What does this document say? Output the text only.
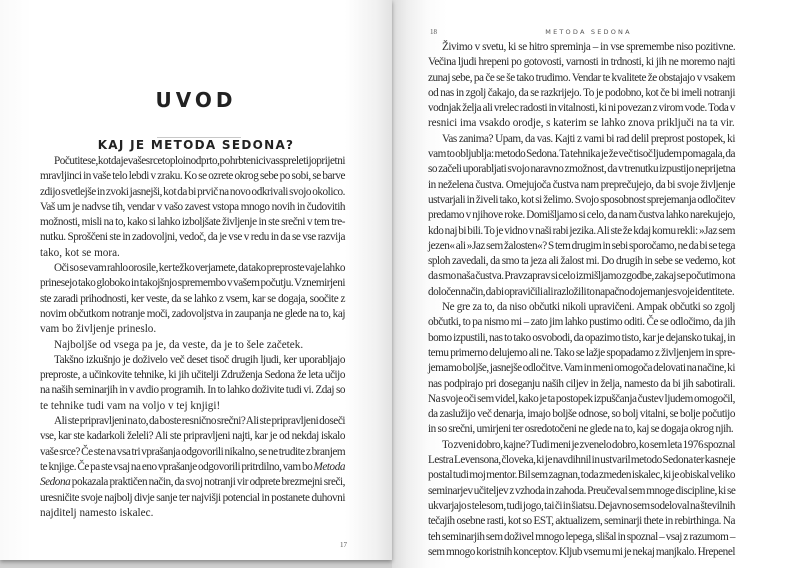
UVOD
KAJ JE METODA SEDONA?
17
Počutite se, kot da je vaše srce toplo in odprto, po hrbtenici vas spreletijo prijetni
mravljinci in vaše telo lebdi v zraku. Ko se ozrete okrog sebe po sobi, se barve
zdijo svetlejše in zvoki jasnejši, kot da bi prvič na novo odkrivali svojo okolico.
Vaš um je nadvse tih, vendar v vašo zavest vstopa mnogo novih in čudovitih
možnosti, misli na to, kako si lahko izboljšate življenje in ste srečni v tem tre-
nutku. Sproščeni ste in zadovoljni, vedoč, da je vse v redu in da se vse razvija
tako, kot se mora.
Oči so se vam rahlo orosile, ker težko verjamete, da tako preproste vaje lahko
prinesejo tako globoko in takojšnjo spremembo v vašem počutju. Vznemirjeni
ste zaradi prihodnosti, ker veste, da se lahko z vsem, kar se dogaja, soočite z
novim občutkom notranje moči, zadovoljstva in zaupanja ne glede na to, kaj
vam bo življenje prineslo.
Najboljše od vsega pa je, da veste, da je to šele začetek.
Takšno izkušnjo je doživelo več deset tisoč drugih ljudi, ker uporabljajo
preproste, a učinkovite tehnike, ki jih učitelji Združenja Sedona že leta učijo
na naših seminarjih in v avdio programih. In to lahko doživite tudi vi. Zdaj so
te tehnike tudi vam na voljo v tej knjigi!
Ali ste pripravljeni na to, da boste resnično srečni? Ali ste pripravljeni doseči
vse, kar ste kadarkoli želeli? Ali ste pripravljeni najti, kar je od nekdaj iskalo
vaše srce? Če ste na vsa tri vprašanja odgovorili nikalno, se ne trudite z branjem
te knjige. Če pa ste vsaj na eno vprašanje odgovorili pritrdilno, vam bo Metoda
Sedona pokazala praktičen način, da svoj notranji vir odprete brezmejni sreči,
uresničite svoje najbolj divje sanje ter najvišji potencial in postanete duhovni
najditelj namesto iskalec.
18	METODA SEDONA
Živimo v svetu, ki se hitro spreminja – in vse spremembe niso pozitivne.
Večina ljudi hrepeni po gotovosti, varnosti in trdnosti, ki jih ne moremo najti
zunaj sebe, pa če se še tako trudimo. Vendar te kvalitete že obstajajo v vsakem
od nas in zgolj čakajo, da se razkrijejo. To je podobno, kot če bi imeli notranji
vodnjak želja ali vrelec radosti in vitalnosti, ki ni povezan z virom vode. Toda v
resnici ima vsakdo orodje, s katerim se lahko znova priključi na ta vir.
Vas zanima? Upam, da vas. Kajti z vami bi rad delil preprost postopek, ki
vam to obljublja: metodo Sedona. Ta tehnika je že več tisoč ljudem pomagala, da
so začeli uporabljati svojo naravno zmožnost, da v trenutku izpustijo neprijetna
in neželena čustva. Omejujoča čustva nam preprečujejo, da bi svoje življenje
ustvarjali in živeli tako, kot si želimo. Svojo sposobnost sprejemanja odločitev
predamo v njihove roke. Domišljamo si celo, da nam čustva lahko narekujejo,
kdo naj bi bili. To je vidno v naši rabi jezika. Ali ste že kdaj komu rekli: »Jaz sem
jezen« ali »Jaz sem žalosten«? S tem drugim in sebi sporočamo, ne da bi se tega
sploh zavedali, da smo ta jeza ali žalost mi. Do drugih in sebe se vedemo, kot
da smo naša čustva. Pravzaprav si celo izmišljamo zgodbe, zakaj se počutimo na
določen način, da bi opravičili ali razložili to napačno dojemanje svoje identitete.
Ne gre za to, da niso občutki nikoli upravičeni. Ampak občutki so zgolj
občutki, to pa nismo mi – zato jim lahko pustimo oditi. Če se odločimo, da jih
bomo izpustili, nas to tako osvobodi, da opazimo tisto, kar je dejansko tukaj, in
temu primerno delujemo ali ne. Tako se lažje spopadamo z življenjem in spre-
jemamo boljše, jasnejše odločitve. Vam in meni omogoča delovati na načine, ki
nas podpirajo pri doseganju naših ciljev in želja, namesto da bi jih sabotirali.
Na svoje oči sem videl, kako je ta postopek izpuščanja čustev ljudem omogočil,
da zaslužijo več denarja, imajo boljše odnose, so bolj vitalni, se bolje počutijo
in so srečni, umirjeni ter osredotočeni ne glede na to, kaj se dogaja okrog njih.
To zveni dobro, kajne? Tudi meni je zvenelo dobro, ko sem leta 1976 spoznal
Lestra Levensona, človeka, ki je navdihnil in ustvaril metodo Sedona ter kasneje
postal tudi moj mentor. Bil sem zagnan, toda zmeden iskalec, ki je obiskal veliko
seminarjev učiteljev z vzhoda in zahoda. Preučeval sem mnoge discipline, ki se
ukvarjajo s telesom, tudi jogo, tai či in šiatsu. Dejavno sem sodeloval na številnih
tečajih osebne rasti, kot so EST, aktualizem, seminarji thete in rebirthinga. Na
teh seminarjih sem doživel mnogo lepega, slišal in spoznal – vsaj z razumom –
sem mnogo koristnih konceptov. Kljub vsemu mi je nekaj manjkalo. Hrepenel
